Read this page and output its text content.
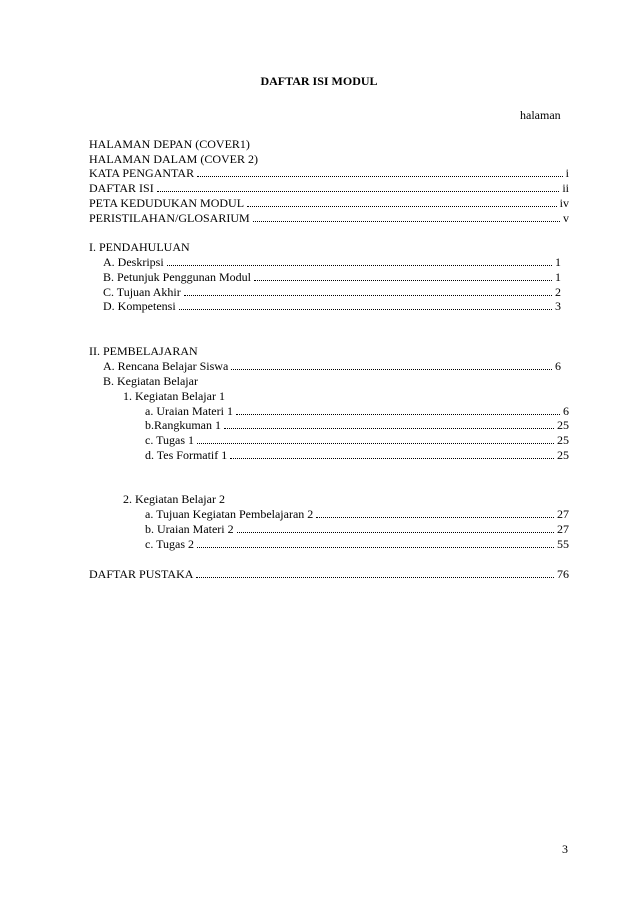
DAFTAR ISI MODUL
halaman
HALAMAN DEPAN (COVER1)
HALAMAN DALAM (COVER 2)
KATA PENGANTAR	i
DAFTAR ISI	ii
PETA KEDUDUKAN MODUL	iv
PERISTILAHAN/GLOSARIUM	v
I. PENDAHULUAN
A. Deskripsi	1
B. Petunjuk Penggunan Modul	1
C. Tujuan Akhir	2
D. Kompetensi	3
II. PEMBELAJARAN
A. Rencana Belajar Siswa	6
B. Kegiatan Belajar
1. Kegiatan Belajar 1
a. Uraian Materi 1	6
b.Rangkuman 1	25
c. Tugas 1	25
d. Tes Formatif 1	25
2. Kegiatan Belajar 2
a. Tujuan Kegiatan Pembelajaran 2	27
b. Uraian Materi 2	27
c. Tugas 2	55
DAFTAR PUSTAKA	76
3
